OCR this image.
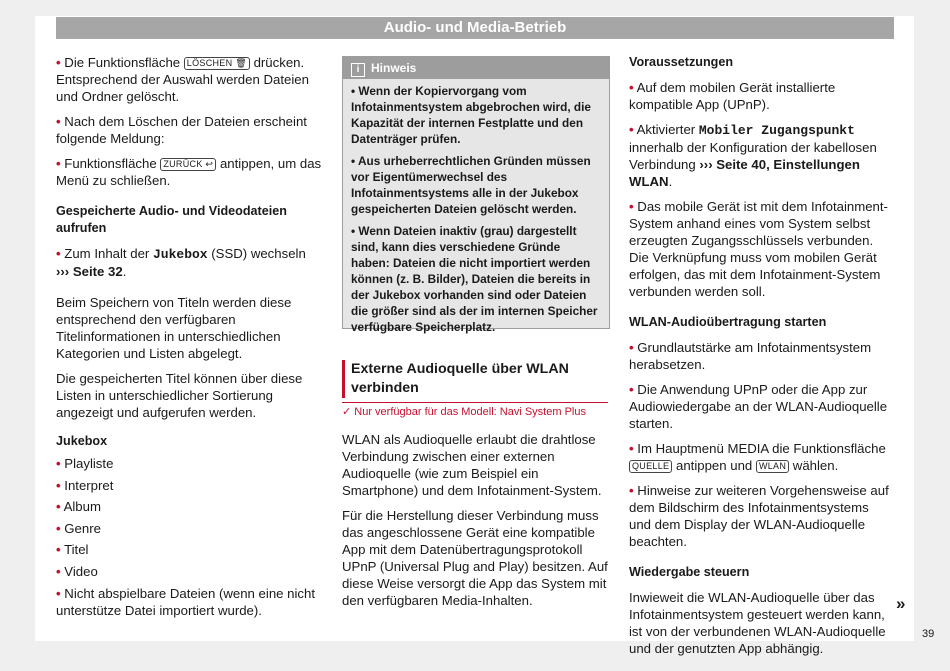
Audio- und Media-Betrieb

• Die Funktionsfläche LÖSCHEN 🗑 drücken. Entsprechend der Auswahl werden Dateien und Ordner gelöscht.

• Nach dem Löschen der Dateien erscheint folgende Meldung:

• Funktionsfläche ZURÜCK ↩ antippen, um das Menü zu schließen.

Gespeicherte Audio- und Videodateien aufrufen

• Zum Inhalt der Jukebox (SSD) wechseln
››› Seite 32.

Beim Speichern von Titeln werden diese entsprechend den verfügbaren Titelinformationen in unterschiedlichen Kategorien und Listen abgelegt.

Die gespeicherten Titel können über diese Listen in unterschiedlicher Sortierung angezeigt und aufgerufen werden.

Jukebox

• Playliste
• Interpret
• Album
• Genre
• Titel
• Video
• Nicht abspielbare Dateien (wenn eine nicht unterstütze Datei importiert wurde).
i Hinweis

• Wenn der Kopiervorgang vom Infotainmentsystem abgebrochen wird, die Kapazität der internen Festplatte und den Datenträger prüfen.

• Aus urheberrechtlichen Gründen müssen vor Eigentümerwechsel des Infotainmentsystems alle in der Jukebox gespeicherten Dateien gelöscht werden.

• Wenn Dateien inaktiv (grau) dargestellt sind, kann dies verschiedene Gründe haben: Dateien die nicht importiert werden können (z. B. Bilder), Dateien die bereits in der Jukebox vorhanden sind oder Dateien die größer sind als der im internen Speicher verfügbare Speicherplatz.

Externe Audioquelle über WLAN verbinden
✓ Nur verfügbar für das Modell: Navi System Plus

WLAN als Audioquelle erlaubt die drahtlose Verbindung zwischen einer externen Audioquelle (wie zum Beispiel ein Smartphone) und dem Infotainment-System.

Für die Herstellung dieser Verbindung muss das angeschlossene Gerät eine kompatible App mit dem Datenübertragungsprotokoll UPnP (Universal Plug and Play) besitzen. Auf diese Weise versorgt die App das System mit den verfügbaren Media-Inhalten.

Voraussetzungen

• Auf dem mobilen Gerät installierte kompatible App (UPnP).

• Aktivierter Mobiler Zugangspunkt innerhalb der Konfiguration der kabellosen Verbindung ››› Seite 40, Einstellungen WLAN.

• Das mobile Gerät ist mit dem Infotainment-System anhand eines vom System selbst erzeugten Zugangsschlüssels verbunden. Die Verknüpfung muss vom mobilen Gerät erfolgen, das mit dem Infotainment-System verbunden werden soll.

WLAN-Audioübertragung starten

• Grundlautstärke am Infotainmentsystem herabsetzen.

• Die Anwendung UPnP oder die App zur Audiowiedergabe an der WLAN-Audioquelle starten.

• Im Hauptmenü MEDIA die Funktionsfläche QUELLE antippen und WLAN wählen.

• Hinweise zur weiteren Vorgehensweise auf dem Bildschirm des Infotainmentsystems und dem Display der WLAN-Audioquelle beachten.

Wiedergabe steuern

Inwieweit die WLAN-Audioquelle über das Infotainmentsystem gesteuert werden kann, ist von der verbundenen WLAN-Audioquelle und der genutzten App abhängig.

»
39
